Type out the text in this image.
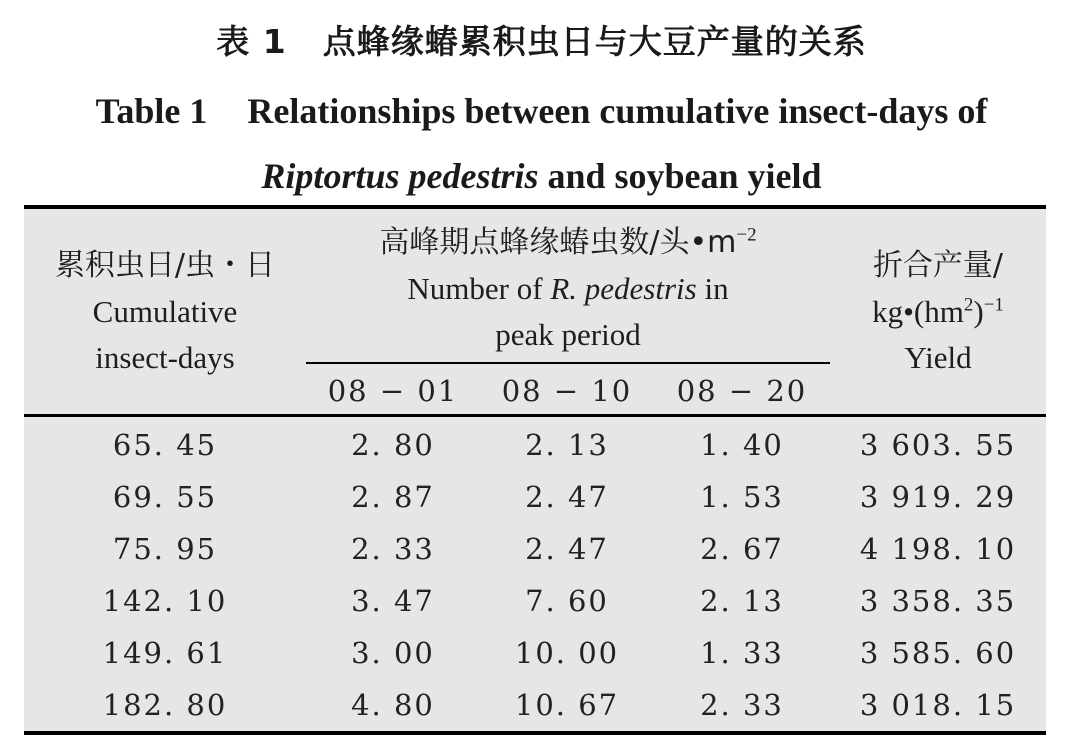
表 1 点蜂缘蝽累积虫日与大豆产量的关系
Table 1 Relationships between cumulative insect-days of
Riptortus pedestris and soybean yield
累积虫日/虫・日
Cumulative
insect-days
高峰期点蜂缘蝽虫数/头$•m^{-2}$
Number of R. pedestris in
peak period
折合产量/
$kg•(hm^2)^{-1}$
Yield
08 − 01	08 − 10	08 − 20
65. 45	2. 80	2. 13	1. 40	3 603. 55
69. 55	2. 87	2. 47	1. 53	3 919. 29
75. 95	2. 33	2. 47	2. 67	4 198. 10
142. 10	3. 47	7. 60	2. 13	3 358. 35
149. 61	3. 00	10. 00	1. 33	3 585. 60
182. 80	4. 80	10. 67	2. 33	3 018. 15
